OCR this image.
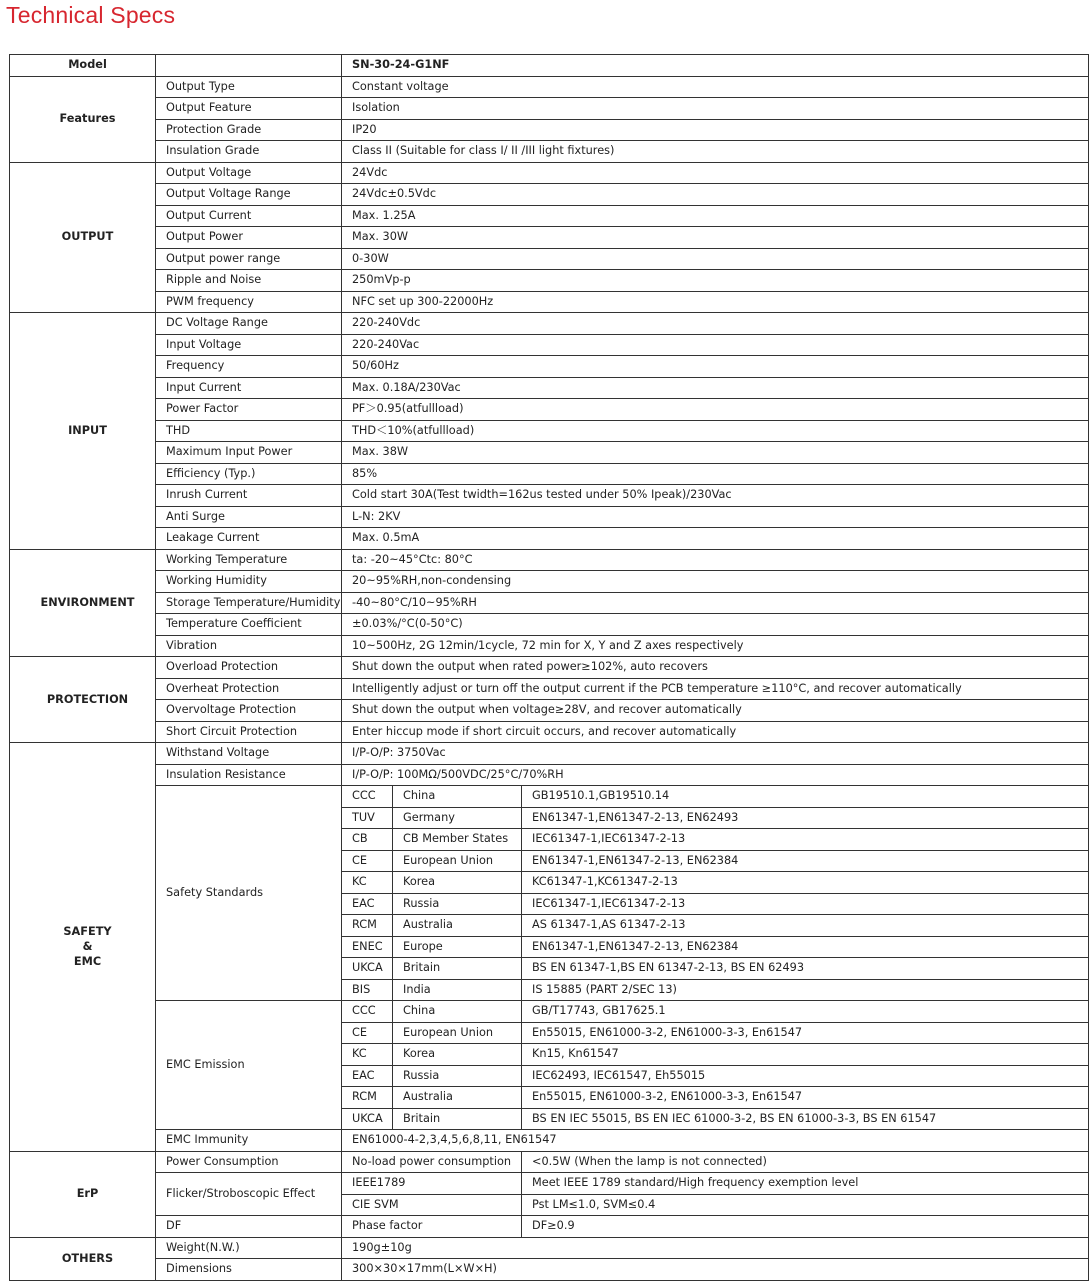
Technical Specs
Model		SN-30-24-G1NF		
Features	Output Type	Constant voltage		
	Output Feature	Isolation		
	Protection Grade	IP20		
	Insulation Grade	Class II (Suitable for class I/ II /III light fixtures)		
OUTPUT	Output Voltage	24Vdc		
	Output Voltage Range	24Vdc±0.5Vdc		
	Output Current	Max. 1.25A		
	Output Power	Max. 30W		
	Output power range	0-30W		
	Ripple and Noise	250mVp-p		
	PWM frequency	NFC set up 300-22000Hz		
INPUT	DC Voltage Range	220-240Vdc		
	Input Voltage	220-240Vac		
	Frequency	50/60Hz		
	Input Current	Max. 0.18A/230Vac		
	Power Factor	PF＞0.95(atfullload)		
	THD	THD＜10%(atfullload)		
	Maximum Input Power	Max. 38W		
	Efficiency (Typ.)	85%		
	Inrush Current	Cold start 30A(Test twidth=162us tested under 50% Ipeak)/230Vac		
	Anti Surge	L-N: 2KV		
	Leakage Current	Max. 0.5mA		
ENVIRONMENT	Working Temperature	ta: -20~45°Ctc: 80°C		
	Working Humidity	20~95%RH,non-condensing		
	Storage Temperature/Humidity	-40~80°C/10~95%RH		
	Temperature Coefficient	±0.03%/°C(0-50°C)		
	Vibration	10~500Hz, 2G 12min/1cycle, 72 min for X, Y and Z axes respectively		
PROTECTION	Overload Protection	Shut down the output when rated power≥102%, auto recovers		
	Overheat Protection	Intelligently adjust or turn off the output current if the PCB temperature ≥110°C, and recover automatically		
	Overvoltage Protection	Shut down the output when voltage≥28V, and recover automatically		
	Short Circuit Protection	Enter hiccup mode if short circuit occurs, and recover automatically		

SAFETY
&
EMC	Withstand Voltage	I/P-O/P: 3750Vac		
	Insulation Resistance	I/P-O/P: 100MΩ/500VDC/25°C/70%RH		
	Safety Standards	CCC	China	GB19510.1,GB19510.14
		TUV	Germany	EN61347-1,EN61347-2-13, EN62493
		CB	CB Member States	IEC61347-1,IEC61347-2-13
		CE	European Union	EN61347-1,EN61347-2-13, EN62384
		KC	Korea	KC61347-1,KC61347-2-13
		EAC	Russia	IEC61347-1,IEC61347-2-13
		RCM	Australia	AS 61347-1,AS 61347-2-13
		ENEC	Europe	EN61347-1,EN61347-2-13, EN62384
		UKCA	Britain	BS EN 61347-1,BS EN 61347-2-13, BS EN 62493
		BIS	India	IS 15885 (PART 2/SEC 13)
	EMC Emission	CCC	China	GB/T17743, GB17625.1
		CE	European Union	En55015, EN61000-3-2, EN61000-3-3, En61547
		KC	Korea	Kn15, Kn61547
		EAC	Russia	IEC62493, IEC61547, Eh55015
		RCM	Australia	En55015, EN61000-3-2, EN61000-3-3, En61547
		UKCA	Britain	BS EN IEC 55015, BS EN IEC 61000-3-2, BS EN 61000-3-3, BS EN 61547
	EMC Immunity	EN61000-4-2,3,4,5,6,8,11, EN61547		
ErP	Power Consumption	No-load power consumption		<0.5W (When the lamp is not connected)
	Flicker/Stroboscopic Effect	IEEE1789		Meet IEEE 1789 standard/High frequency exemption level
		CIE SVM		Pst LM≤1.0, SVM≤0.4
	DF	Phase factor		DF≥0.9
OTHERS	Weight(N.W.)	190g±10g		
	Dimensions	300×30×17mm(L×W×H)		
